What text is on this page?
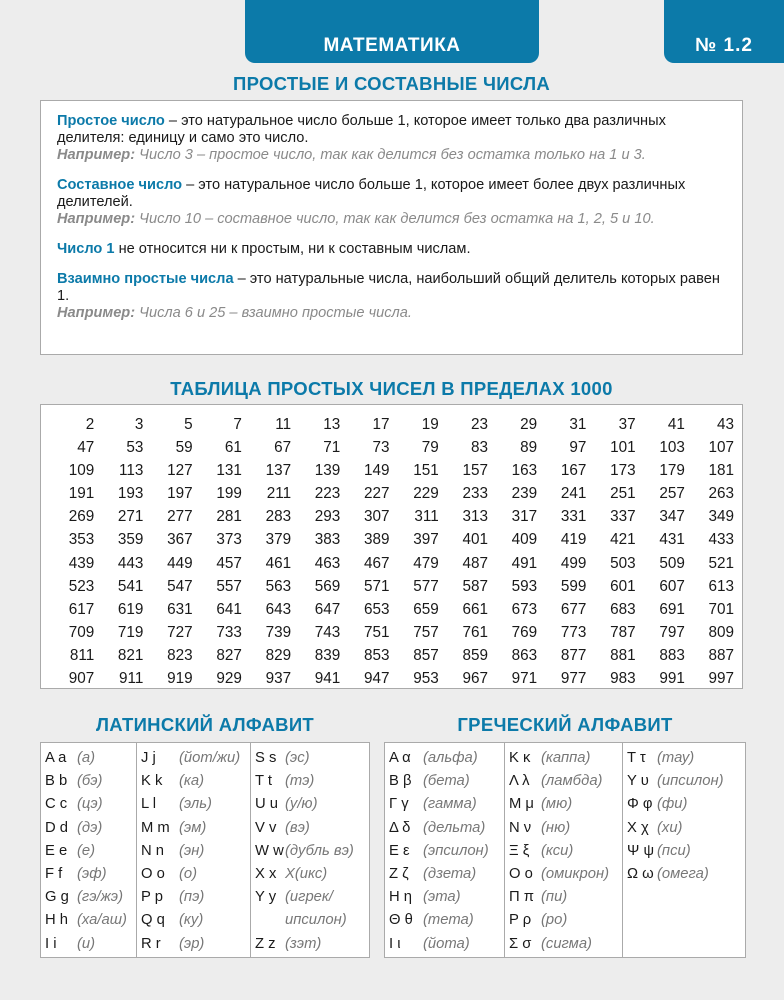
МАТЕМАТИКА	№ 1.2
ПРОСТЫЕ И СОСТАВНЫЕ ЧИСЛА

Простое число – это натуральное число больше 1, которое имеет только два различных делителя: единицу и само это число.

Например: Число 3 – простое число, так как делится без остатка только на 1 и 3.

Составное число – это натуральное число больше 1, которое имеет более двух различных делителей.

Например: Число 10 – составное число, так как делится без остатка на 1, 2, 5 и 10.

Число 1 не относится ни к простым, ни к составным числам.

Взаимно простые числа – это натуральные числа, наибольший общий делитель которых равен 1.

Например: Числа 6 и 25 – взаимно простые числа.

ТАБЛИЦА ПРОСТЫХ ЧИСЕЛ В ПРЕДЕЛАХ 1000
2	3	5	7	11	13	17	19	23	29	31	37	41	43
47	53	59	61	67	71	73	79	83	89	97	101	103	107
109	113	127	131	137	139	149	151	157	163	167	173	179	181
191	193	197	199	211	223	227	229	233	239	241	251	257	263
269	271	277	281	283	293	307	311	313	317	331	337	347	349
353	359	367	373	379	383	389	397	401	409	419	421	431	433
439	443	449	457	461	463	467	479	487	491	499	503	509	521
523	541	547	557	563	569	571	577	587	593	599	601	607	613
617	619	631	641	643	647	653	659	661	673	677	683	691	701
709	719	727	733	739	743	751	757	761	769	773	787	797	809
811	821	823	827	829	839	853	857	859	863	877	881	883	887
907	911	919	929	937	941	947	953	967	971	977	983	991	997
ЛАТИНСКИЙ АЛФАВИТ
A a (а)
B b (бэ)
C c (цэ)
D d (дэ)
E e (е)
F f (эф)
G g (гэ/жэ)
H h (ха/аш)
I i	(и)
J j	(йот/жи)
K k	(ка)
L l	(эль)
M m (эм)
N n	(эн)
O o (о)
P p	(пэ)
Q q (ку)
R r	(эр)
S s (эс)
T t (тэ)
U u (у/ю)
V v (вэ)
W w (дубль вэ)
X x Х(икс)
Y y (игрек/
ипсилон)
Z z (зэт)
ГРЕЧЕСКИЙ АЛФАВИТ
Α α (альфа)
Β β (бета)
Γ γ (гамма)
Δ δ (дельта)
Ε ε (эпсилон)
Ζ ζ (дзета)
Η η (эта)
Θ θ (тета)
Ι ι	(йота)
Κ κ (каппа)
Λ λ (ламбда)
Μ μ (мю)
Ν ν (ню)
Ξ ξ (кси)
Ο ο (омикрон)
Π π (пи)
Ρ ρ (ро)
Σ σ (сигма)
Τ τ (тау)
Υ υ (ипсилон)
Φ φ (фи)
Χ χ (хи)
Ψ ψ (пси)
Ω ω (омега)
